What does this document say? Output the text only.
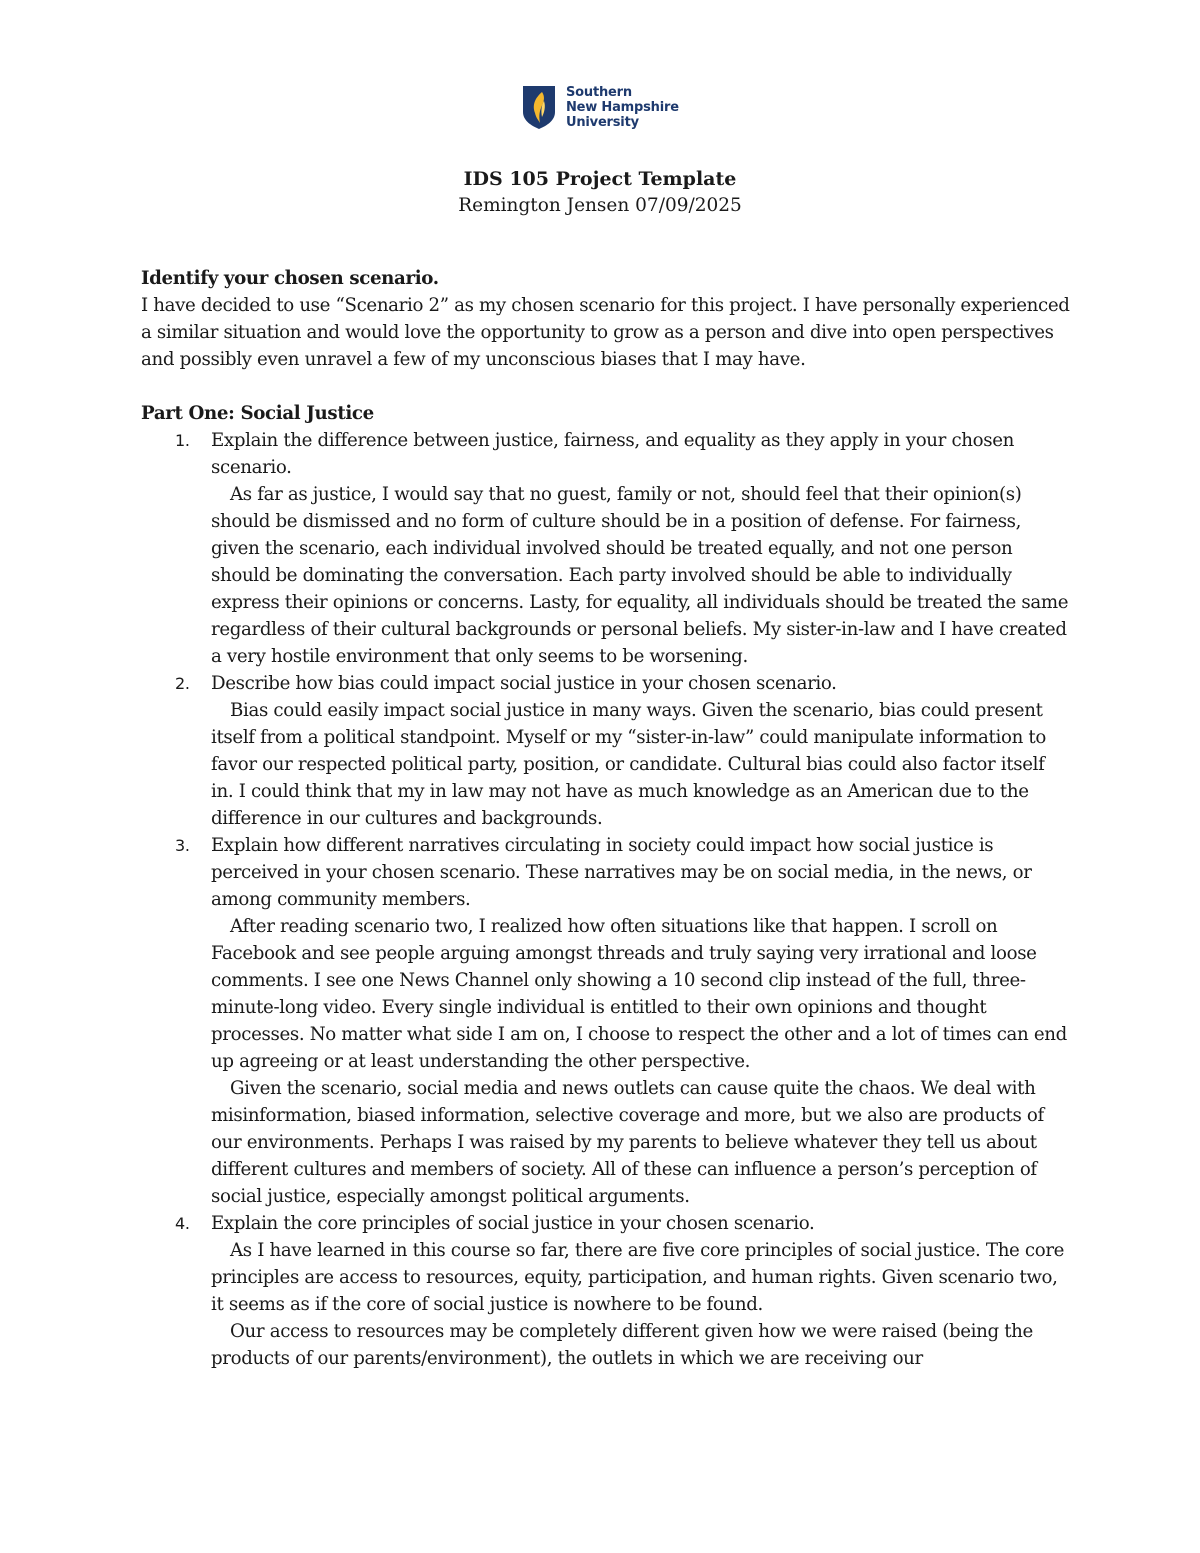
Southern
New Hampshire
University
IDS 105 Project Template
Remington Jensen 07/09/2025

Identify your chosen scenario.

I have decided to use “Scenario 2” as my chosen scenario for this project. I have personally experienced a similar situation and would love the opportunity to grow as a person and dive into open perspectives and possibly even unravel a few of my unconscious biases that I may have.

Part One: Social Justice

1. Explain the difference between justice, fairness, and equality as they apply in your chosen scenario.

As far as justice, I would say that no guest, family or not, should feel that their opinion(s) should be dismissed and no form of culture should be in a position of defense. For fairness, given the scenario, each individual involved should be treated equally, and not one person should be dominating the conversation. Each party involved should be able to individually express their opinions or concerns. Lasty, for equality, all individuals should be treated the same regardless of their cultural backgrounds or personal beliefs. My sister-in-law and I have created a very hostile environment that only seems to be worsening.

2. Describe how bias could impact social justice in your chosen scenario.

Bias could easily impact social justice in many ways. Given the scenario, bias could present itself from a political standpoint. Myself or my “sister-in-law” could manipulate information to favor our respected political party, position, or candidate. Cultural bias could also factor itself in. I could think that my in law may not have as much knowledge as an American due to the difference in our cultures and backgrounds.

3. Explain how different narratives circulating in society could impact how social justice is perceived in your chosen scenario. These narratives may be on social media, in the news, or among community members.

After reading scenario two, I realized how often situations like that happen. I scroll on Facebook and see people arguing amongst threads and truly saying very irrational and loose comments. I see one News Channel only showing a 10 second clip instead of the full, three-minute-long video. Every single individual is entitled to their own opinions and thought processes. No matter what side I am on, I choose to respect the other and a lot of times can end up agreeing or at least understanding the other perspective.

Given the scenario, social media and news outlets can cause quite the chaos. We deal with misinformation, biased information, selective coverage and more, but we also are products of our environments. Perhaps I was raised by my parents to believe whatever they tell us about different cultures and members of society. All of these can influence a person’s perception of social justice, especially amongst political arguments.

4. Explain the core principles of social justice in your chosen scenario.

As I have learned in this course so far, there are five core principles of social justice. The core principles are access to resources, equity, participation, and human rights. Given scenario two, it seems as if the core of social justice is nowhere to be found.

Our access to resources may be completely different given how we were raised (being the products of our parents/environment), the outlets in which we are receiving our
